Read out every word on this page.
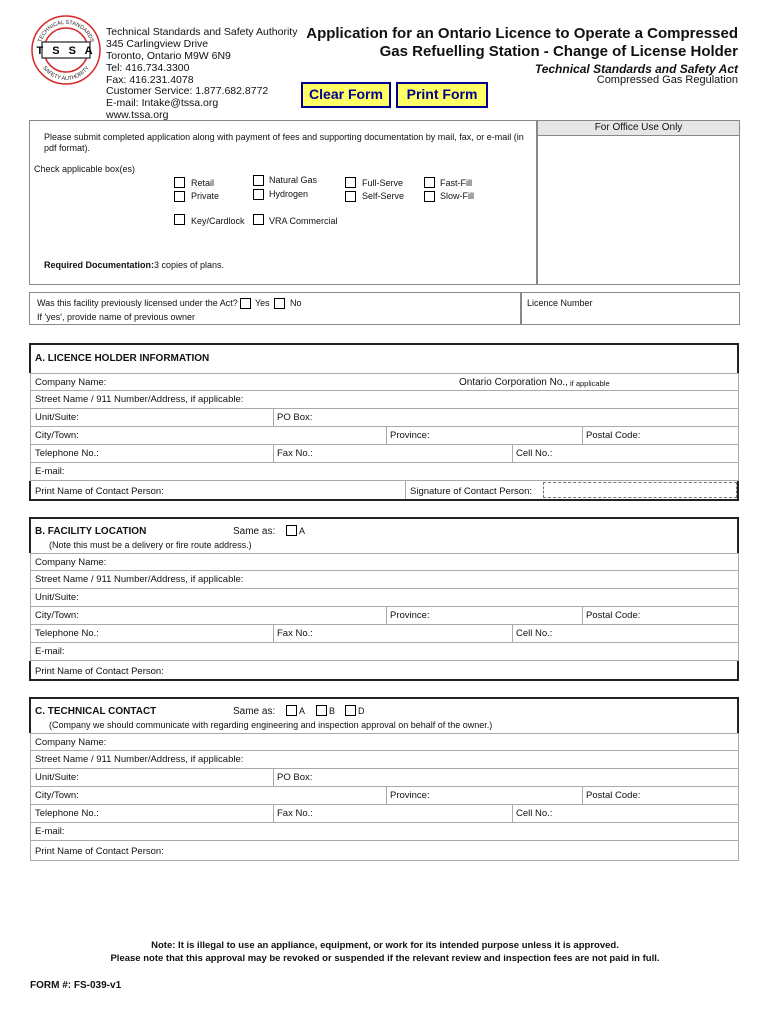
T S S A
TECHNICAL STANDARDS
SAFETY AUTHORITY
Technical Standards and Safety Authority
345 Carlingview Drive
Toronto, Ontario M9W 6N9
Tel: 416.734.3300
Fax: 416.231.4078
Customer Service: 1.877.682.8772
E-mail: Intake@tssa.org
www.tssa.org
Application for an Ontario Licence to Operate a Compressed
Gas Refuelling Station - Change of License Holder
Technical Standards and Safety Act
Compressed Gas Regulation
Clear Form	Print Form
Please submit completed application along with payment of fees and supporting documentation by mail, fax, or e-mail (in pdf format).
Check applicable box(es)
Retail
Private
Natural Gas
Hydrogen
Full-Serve
Self-Serve
Fast-Fill
Slow-Fill
Key/Cardlock	VRA Commercial
Required Documentation: 3 copies of plans.
For Office Use Only
Was this facility previously licensed under the Act? Yes No
If 'yes', provide name of previous owner
Licence Number
A. LICENCE HOLDER INFORMATION
Company Name:	Ontario Corporation No., if applicable
Street Name / 911 Number/Address, if applicable:
Unit/Suite:	PO Box:
City/Town:	Province:	Postal Code:
Telephone No.:	Fax No.:	Cell No.:
E-mail:
Print Name of Contact Person:	Signature of Contact Person:
B. FACILITY LOCATION	Same as:	A
(Note this must be a delivery or fire route address.)
Company Name:
Street Name / 911 Number/Address, if applicable:
Unit/Suite:
City/Town:	Province:	Postal Code:
Telephone No.:	Fax No.:	Cell No.:
E-mail:
Print Name of Contact Person:
C. TECHNICAL CONTACT	Same as:	A	B	D
(Company we should communicate with regarding engineering and inspection approval on behalf of the owner.)
Company Name:
Street Name / 911 Number/Address, if applicable:
Unit/Suite:	PO Box:
City/Town:	Province:	Postal Code:
Telephone No.:	Fax No.:	Cell No.:
E-mail:
Print Name of Contact Person:
Note: It is illegal to use an appliance, equipment, or work for its intended purpose unless it is approved.
Please note that this approval may be revoked or suspended if the relevant review and inspection fees are not paid in full.
FORM #: FS-039-v1
